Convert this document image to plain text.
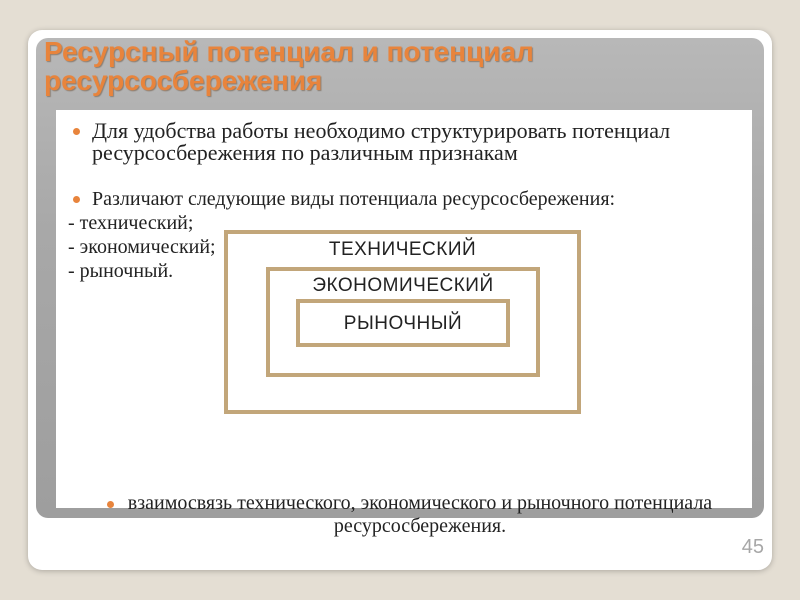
Ресурсный потенциал и потенциал ресурсосбережения
Для удобства работы необходимо структурировать потенциал ресурсосбережения по различным признакам
Различают следующие виды потенциала ресурсосбережения:
- технический;
- экономический;
- рыночный.
ТЕХНИЧЕСКИЙ
ЭКОНОМИЧЕСКИЙ
РЫНОЧНЫЙ
взаимосвязь технического, экономического и рыночного потенциала ресурсосбережения.
45
